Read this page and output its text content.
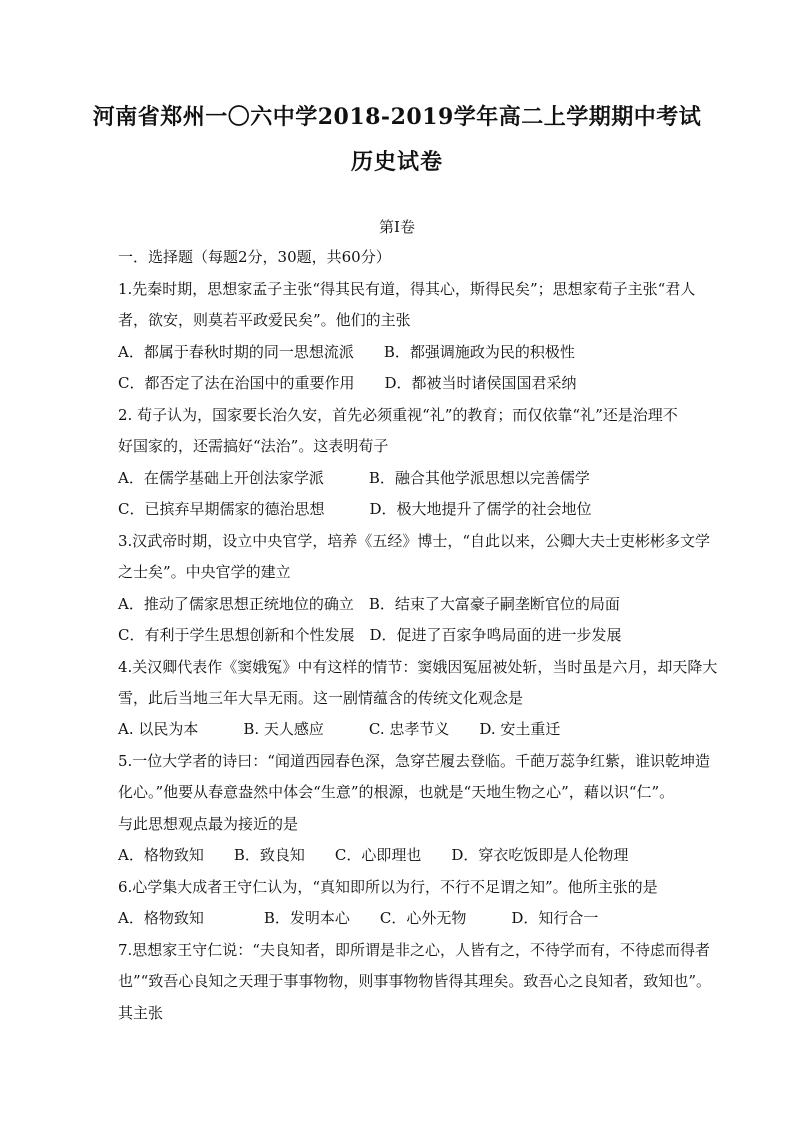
河南省郑州一〇六中学2018-2019学年高二上学期期中考试
历史试卷
第Ⅰ卷
一．选择题（每题2分，30题，共60分）
1.先秦时期，思想家孟子主张“得其民有道，得其心，斯得民矣”；思想家荀子主张“君人
者，欲安，则莫若平政爱民矣”。他们的主张
A．都属于春秋时期的同一思想流派　　B．都强调施政为民的积极性
C．都否定了法在治国中的重要作用　　D．都被当时诸侯国国君采纳
2. 荀子认为，国家要长治久安，首先必须重视“礼”的教育；而仅依靠“礼”还是治理不
好国家的，还需搞好“法治”。这表明荀子
A．在儒学基础上开创法家学派　　　B．融合其他学派思想以完善儒学
C．已摈弃早期儒家的德治思想　　　D．极大地提升了儒学的社会地位
3.汉武帝时期，设立中央官学，培养《五经》博士，“自此以来，公卿大夫士吏彬彬多文学
之士矣”。中央官学的建立
A．推动了儒家思想正统地位的确立　B．结束了大富豪子嗣垄断官位的局面
C．有利于学生思想创新和个性发展　D．促进了百家争鸣局面的进一步发展
4.关汉卿代表作《窦娥冤》中有这样的情节：窦娥因冤屈被处斩，当时虽是六月，却天降大
雪，此后当地三年大旱无雨。这一剧情蕴含的传统文化观念是
A. 以民为本　　　B. 天人感应　　　C. 忠孝节义　　D. 安土重迁
5.一位大学者的诗曰：“闻道西园春色深，急穿芒履去登临。千葩万蕊争红紫，谁识乾坤造
化心。”他要从春意盎然中体会“生意”的根源，也就是“天地生物之心”，藉以识“仁”。
与此思想观点最为接近的是
A．格物致知　　B．致良知　　C．心即理也　　D．穿衣吃饭即是人伦物理
6.心学集大成者王守仁认为，“真知即所以为行，不行不足谓之知”。他所主张的是
A．格物致知　　　　B．发明本心　　C．心外无物　　　D．知行合一
7.思想家王守仁说：“夫良知者，即所谓是非之心，人皆有之，不待学而有，不待虑而得者
也”“致吾心良知之天理于事事物物，则事事物物皆得其理矣。致吾心之良知者，致知也”。
其主张
